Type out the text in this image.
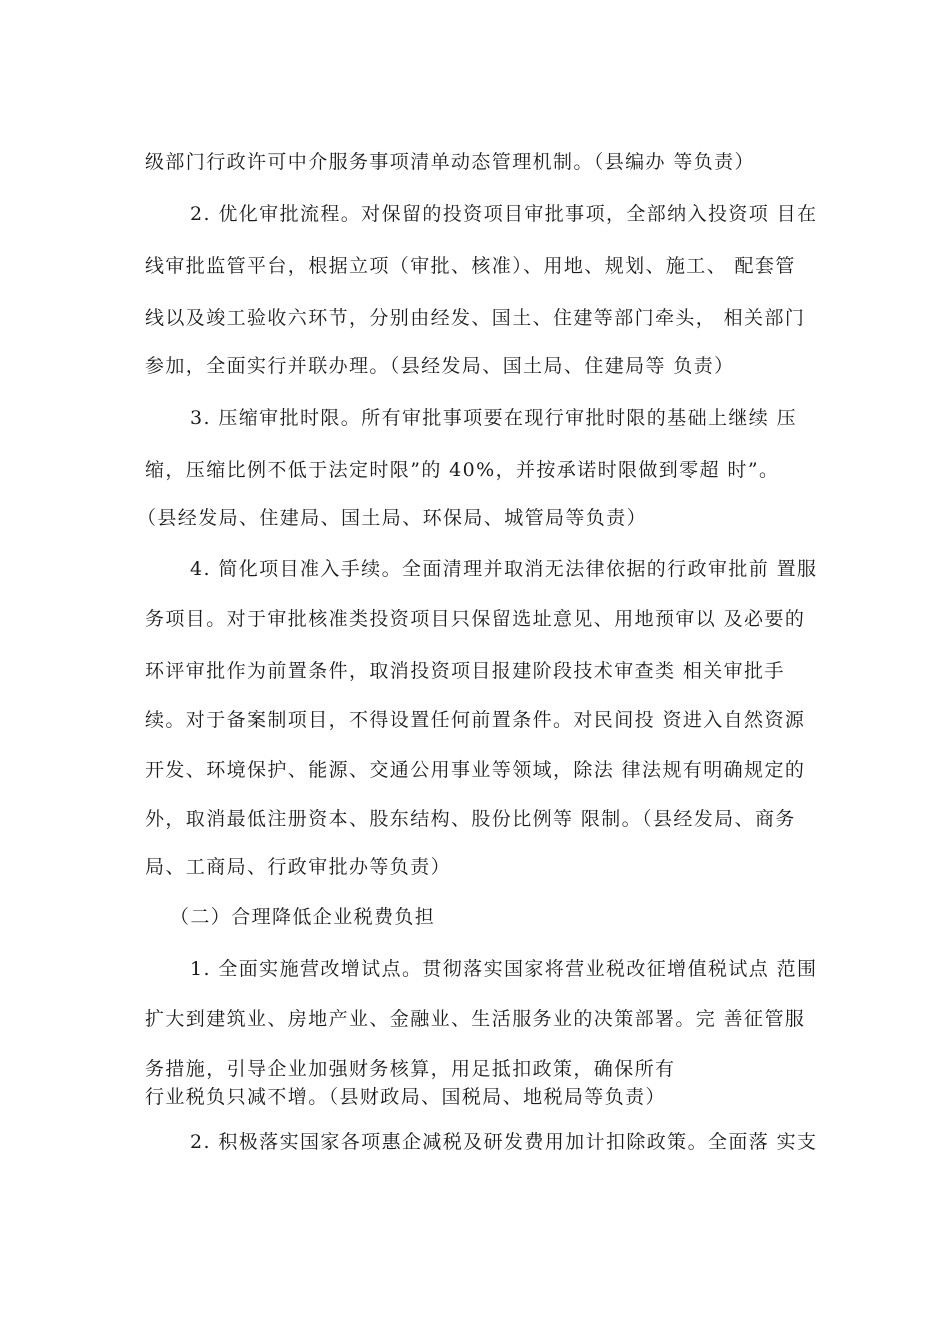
级部门行政许可中介服务事项清单动态管理机制。（县编办 等负责）
2. 优化审批流程。对保留的投资项目审批事项，全部纳入投资项 目在
线审批监管平台，根据立项（审批、核准）、用地、规划、施工、 配套管
线以及竣工验收六环节，分别由经发、国土、住建等部门牵头， 相关部门
参加，全面实行并联办理。（县经发局、国土局、住建局等 负责）
3. 压缩审批时限。所有审批事项要在现行审批时限的基础上继续 压
缩，压缩比例不低于法定时限”的 40%，并按承诺时限做到零超 时”。
（县经发局、住建局、国土局、环保局、城管局等负责）
4. 简化项目准入手续。全面清理并取消无法律依据的行政审批前 置服
务项目。对于审批核准类投资项目只保留选址意见、用地预审以 及必要的
环评审批作为前置条件，取消投资项目报建阶段技术审查类 相关审批手
续。对于备案制项目，不得设置任何前置条件。对民间投 资进入自然资源
开发、环境保护、能源、交通公用事业等领域，除法 律法规有明确规定的
外，取消最低注册资本、股东结构、股份比例等 限制。（县经发局、商务
局、工商局、行政审批办等负责）
（二）合理降低企业税费负担
1. 全面实施营改增试点。贯彻落实国家将营业税改征增值税试点 范围
扩大到建筑业、房地产业、金融业、生活服务业的决策部署。完 善征管服
务措施，引导企业加强财务核算，用足抵扣政策，确保所有
行业税负只减不增。（县财政局、国税局、地税局等负责）
2. 积极落实国家各项惠企减税及研发费用加计扣除政策。全面落 实支
